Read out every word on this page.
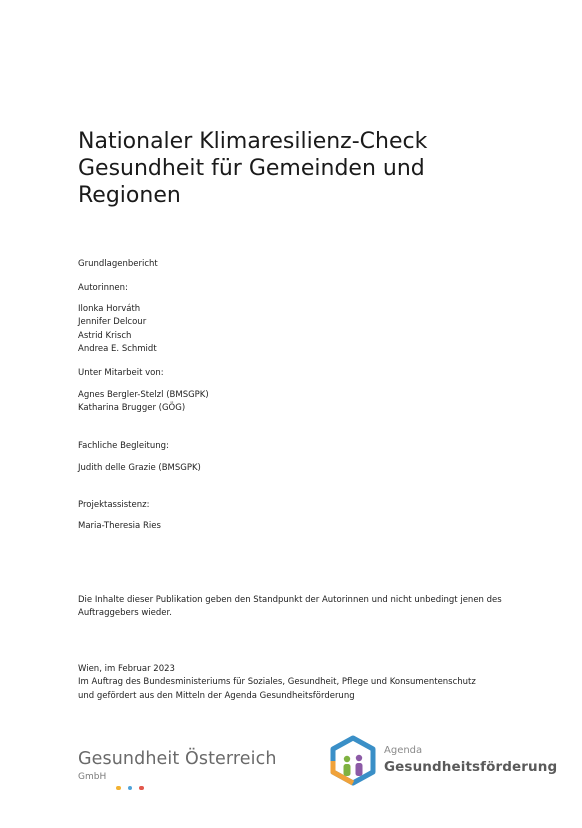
Nationaler Klimaresilienz-Check
Gesundheit für Gemeinden und
Regionen

Grundlagenbericht

Autorinnen:

Ilonka Horváth
Jennifer Delcour
Astrid Krisch
Andrea E. Schmidt

Unter Mitarbeit von:

Agnes Bergler-Stelzl (BMSGPK)
Katharina Brugger (GÖG)

Fachliche Begleitung:

Judith delle Grazie (BMSGPK)

Projektassistenz:

Maria-Theresia Ries

Die Inhalte dieser Publikation geben den Standpunkt der Autorinnen und nicht unbedingt jenen des Auftraggebers wieder.

Wien, im Februar 2023
Im Auftrag des Bundesministeriums für Soziales, Gesundheit, Pflege und Konsumentenschutz
und gefördert aus den Mitteln der Agenda Gesundheitsförderung
Gesundheit Österreich
GmbH
Agenda
Gesundheitsförderung
